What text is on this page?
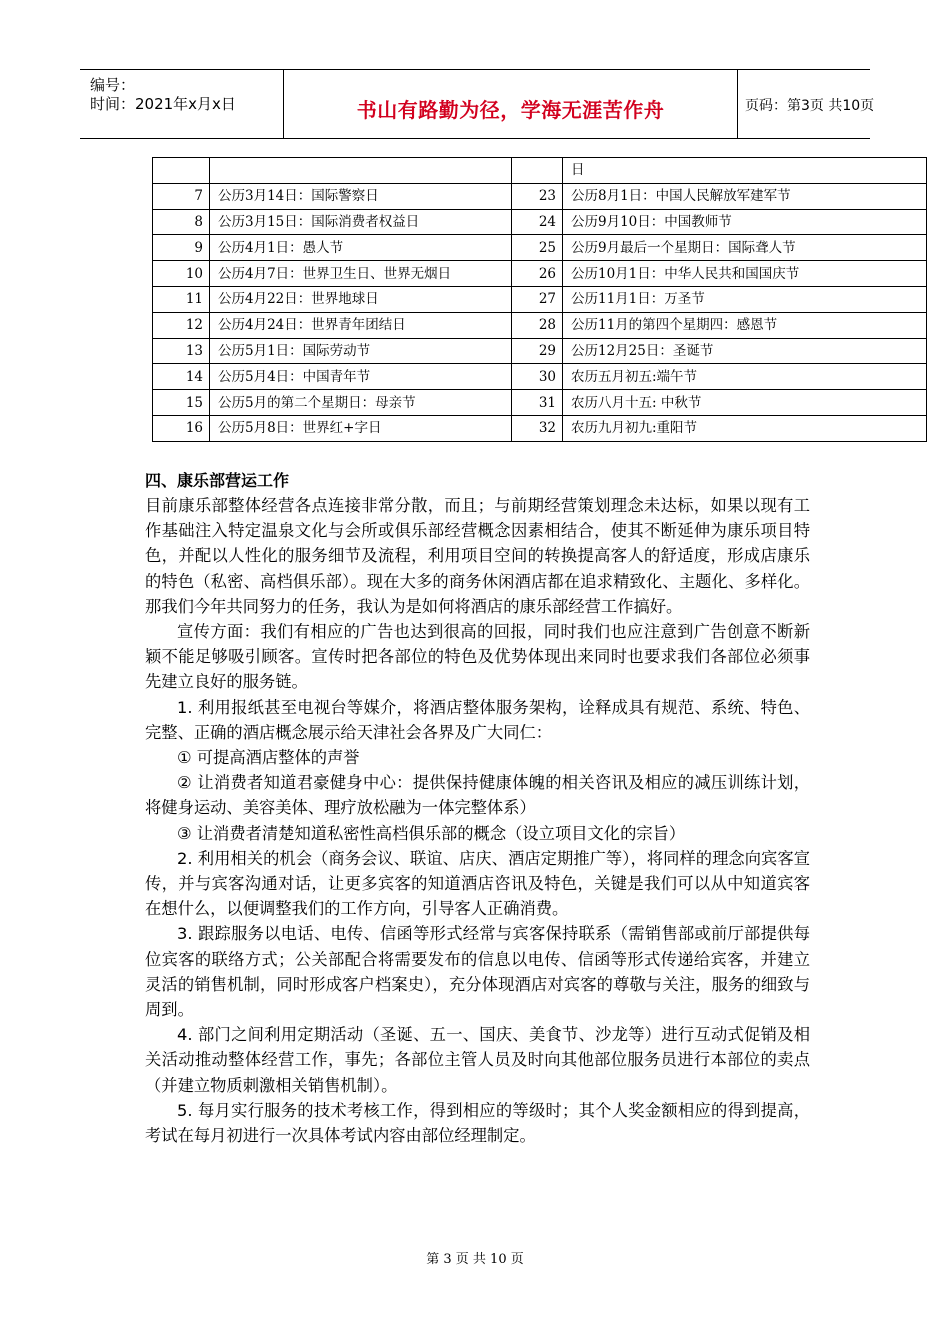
编号：
时间：2021年x月x日	书山有路勤为径，学海无涯苦作舟	页码：第3页 共10页
			日
7	公历3月14日：国际警察日	23	公历8月1日：中国人民解放军建军节
8	公历3月15日：国际消费者权益日	24	公历9月10日：中国教师节
9	公历4月1日：愚人节	25	公历9月最后一个星期日：国际聋人节
10	公历4月7日：世界卫生日、世界无烟日	26	公历10月1日：中华人民共和国国庆节
11	公历4月22日：世界地球日	27	公历11月1日：万圣节
12	公历4月24日：世界青年团结日	28	公历11月的第四个星期四：感恩节
13	公历5月1日：国际劳动节	29	公历12月25日：圣诞节
14	公历5月4日：中国青年节	30	农历五月初五:端午节
15	公历5月的第二个星期日：母亲节	31	农历八月十五: 中秋节
16	公历5月8日：世界红+字日	32	农历九月初九:重阳节
四、康乐部营运工作

目前康乐部整体经营各点连接非常分散，而且；与前期经营策划理念未达标，如果以现有工作基础注入特定温泉文化与会所或俱乐部经营概念因素相结合，使其不断延伸为康乐项目特色，并配以人性化的服务细节及流程，利用项目空间的转换提高客人的舒适度，形成店康乐的特色（私密、高档俱乐部）。现在大多的商务休闲酒店都在追求精致化、主题化、多样化。那我们今年共同努力的任务，我认为是如何将酒店的康乐部经营工作搞好。

宣传方面：我们有相应的广告也达到很高的回报，同时我们也应注意到广告创意不断新颖不能足够吸引顾客。宣传时把各部位的特色及优势体现出来同时也要求我们各部位必须事先建立良好的服务链。

1. 利用报纸甚至电视台等媒介，将酒店整体服务架构，诠释成具有规范、系统、特色、完整、正确的酒店概念展示给天津社会各界及广大同仁：

① 可提高酒店整体的声誉

② 让消费者知道君豪健身中心：提供保持健康体魄的相关咨讯及相应的减压训练计划，将健身运动、美容美体、理疗放松融为一体完整体系）

③ 让消费者清楚知道私密性高档俱乐部的概念（设立项目文化的宗旨）

2. 利用相关的机会（商务会议、联谊、店庆、酒店定期推广等），将同样的理念向宾客宣传，并与宾客沟通对话，让更多宾客的知道酒店咨讯及特色，关键是我们可以从中知道宾客在想什么，以便调整我们的工作方向，引导客人正确消费。

3. 跟踪服务以电话、电传、信函等形式经常与宾客保持联系（需销售部或前厅部提供每位宾客的联络方式；公关部配合将需要发布的信息以电传、信函等形式传递给宾客，并建立灵活的销售机制，同时形成客户档案史），充分体现酒店对宾客的尊敬与关注，服务的细致与周到。

4. 部门之间利用定期活动（圣诞、五一、国庆、美食节、沙龙等）进行互动式促销及相关活动推动整体经营工作，事先；各部位主管人员及时向其他部位服务员进行本部位的卖点（并建立物质刺激相关销售机制）。

5. 每月实行服务的技术考核工作，得到相应的等级时；其个人奖金额相应的得到提高，考试在每月初进行一次具体考试内容由部位经理制定。

第 3 页 共 10 页
